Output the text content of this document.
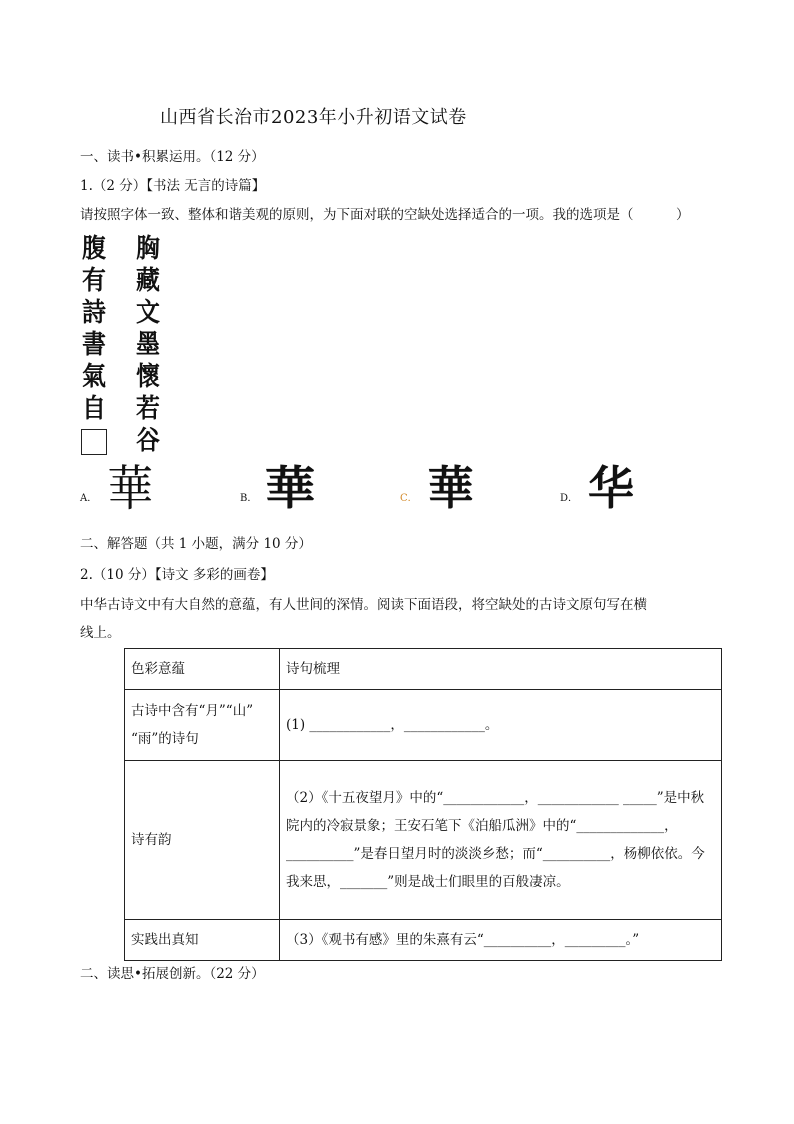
山西省长治市2023年小升初语文试卷
一、读书•积累运用。（12 分）
1.（2 分）【书法 无言的诗篇】
请按照字体一致、整体和谐美观的原则，为下面对联的空缺处选择适合的一项。我的选项是（	）
腹
有
詩
書
氣
自
胸
藏
文
墨
懷
若
谷
A． 華	B． 華	C． 華	D． 华
二、解答题（共 1 小题，满分 10 分）
2.（10 分）【诗文 多彩的画卷】
中华古诗文中有大自然的意蕴，有人世间的深情。阅读下面语段，将空缺处的古诗文原句写在横
线上。
色彩意蕴	诗句梳理

古诗中含有“月”“山”
“雨”的诗句	(1) ____________，____________。
诗有韵	（2）《十五夜望月》中的“____________，____________ _____”是中秋院内的冷寂景象；王安石笔下《泊船瓜洲》中的“_____________，__________”是春日望月时的淡淡乡愁；而“__________，杨柳依依。今我来思，_______”则是战士们眼里的百般凄凉。
实践出真知	（3）《观书有感》里的朱熹有云“__________，_________。”
二、读思•拓展创新。（22 分）
